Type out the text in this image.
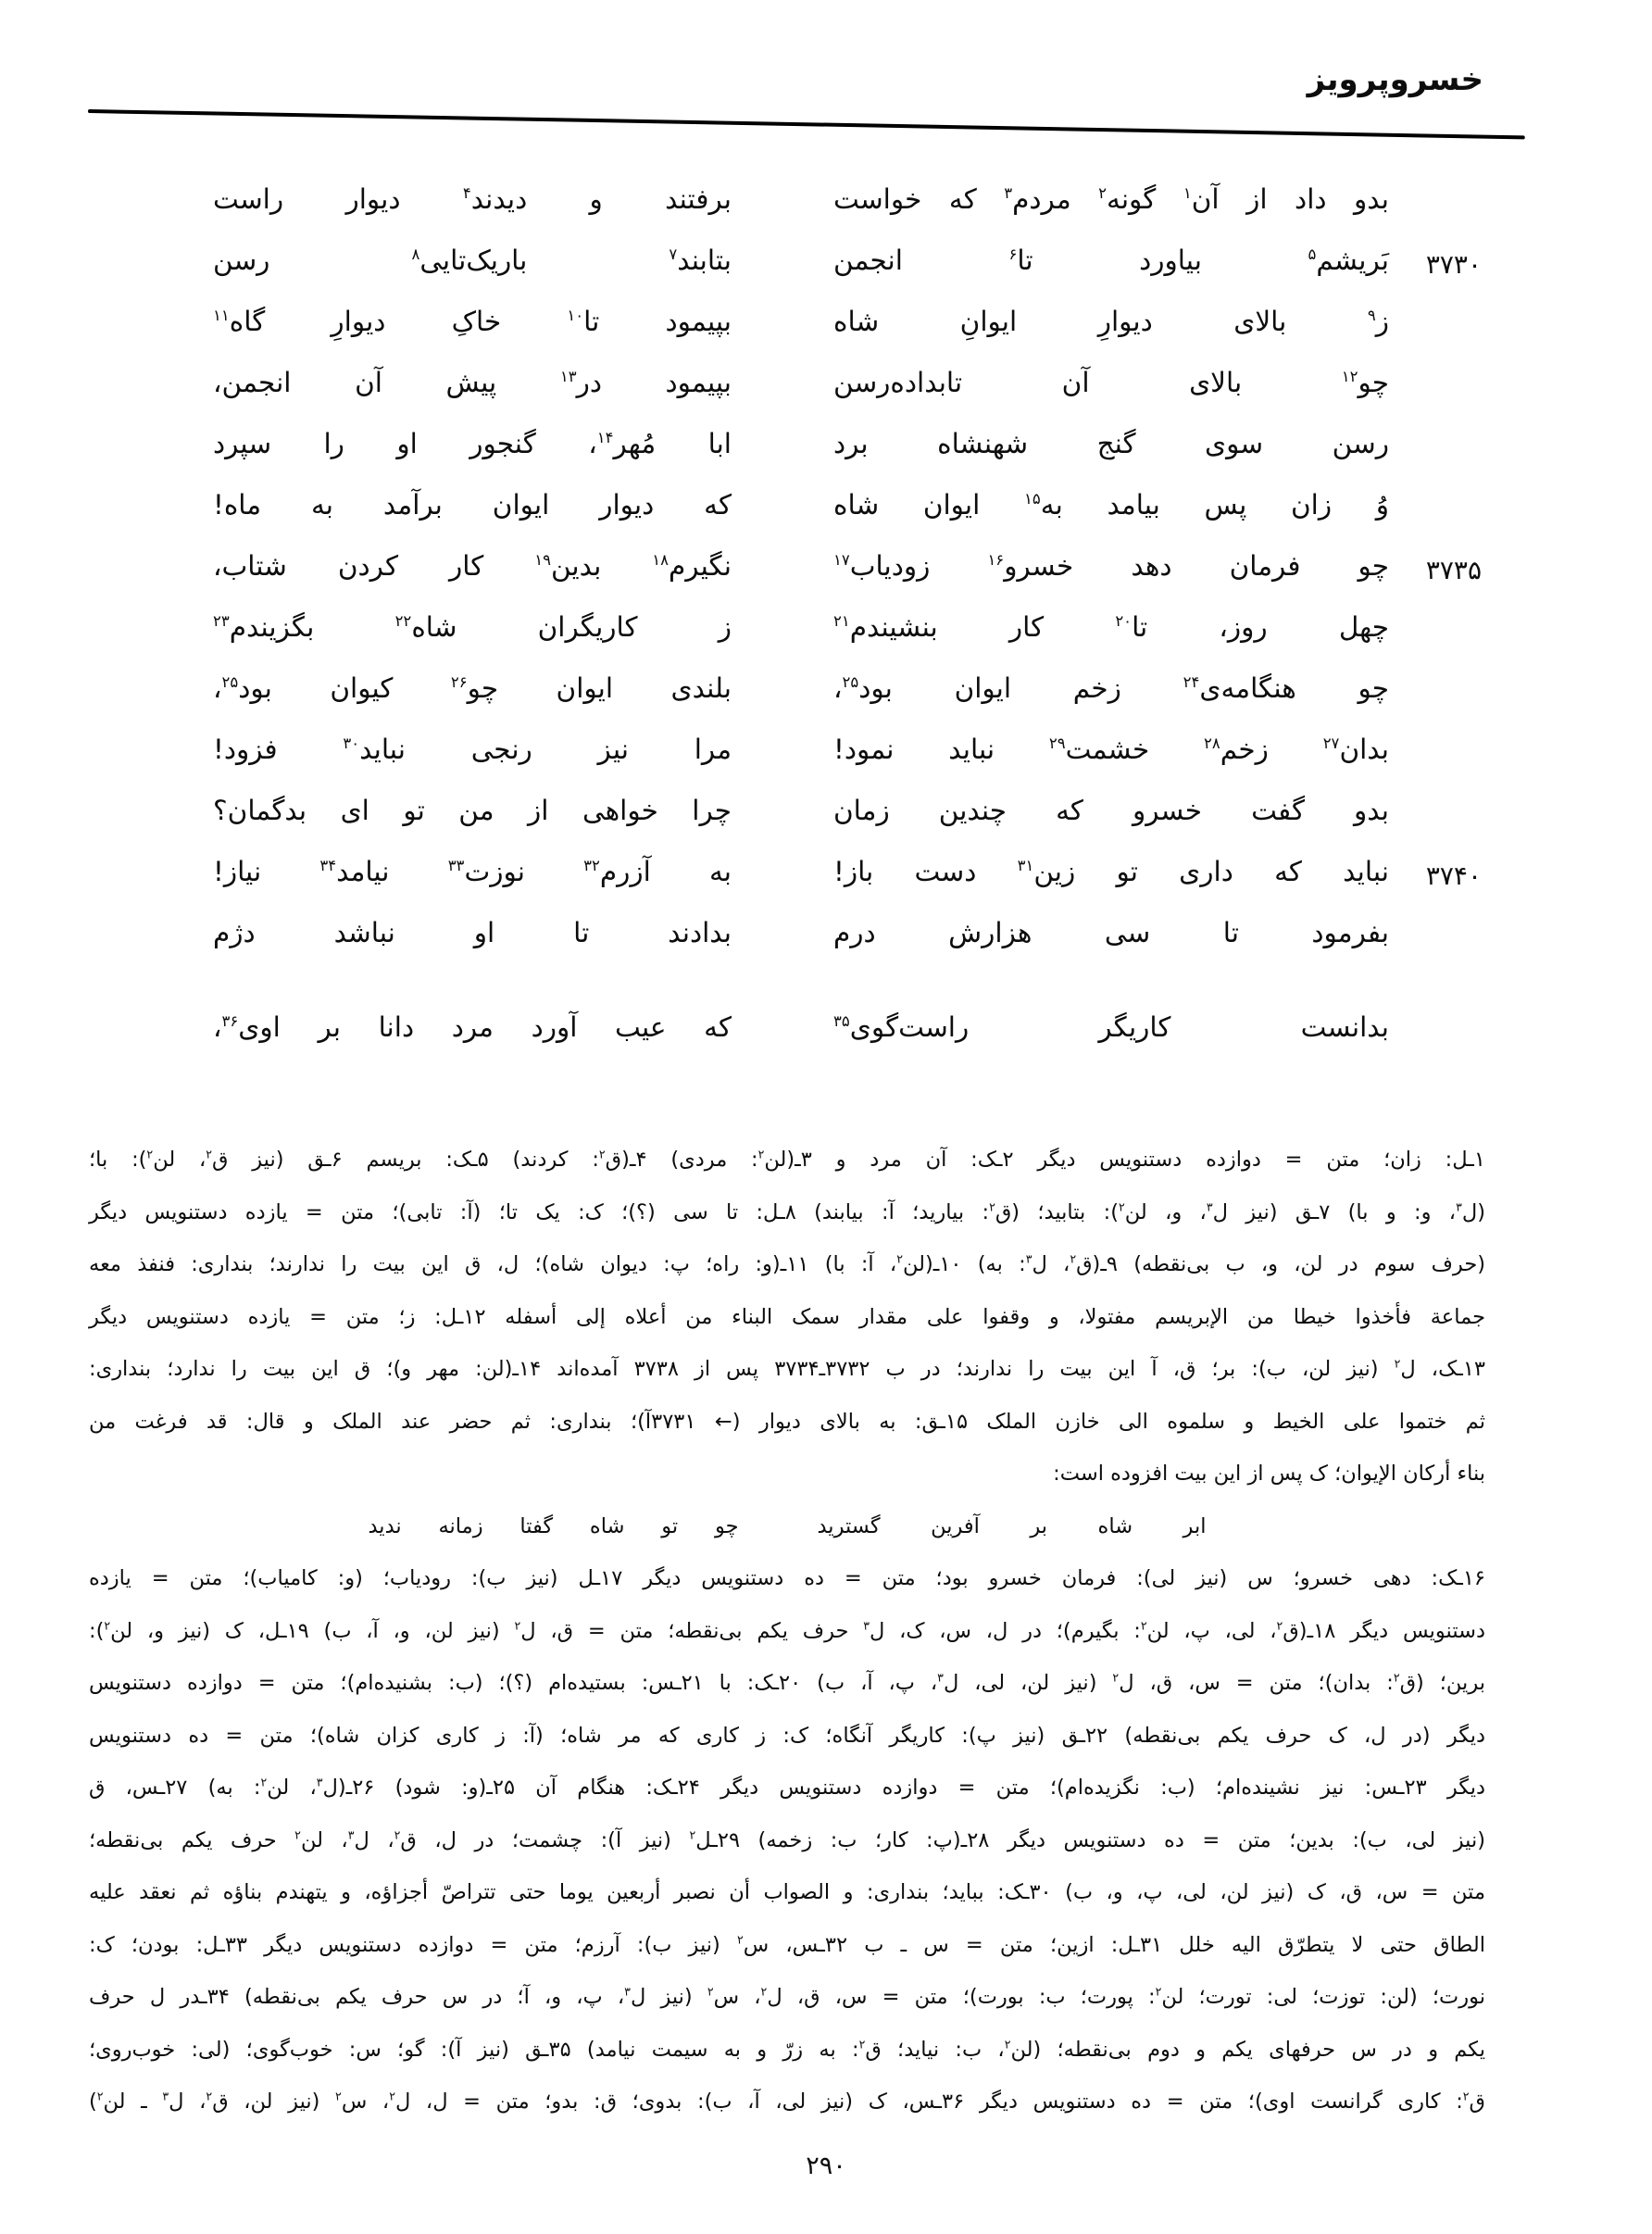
خسروپرویز
بدو داد از آن$^۱$ گونه$^۲$ مردم$^۳$ که خواست
برفتند و دیدند$^۴$ دیوار راست
۳۷۳۰
بَریشم$^۵$ بیاورد تا$^۶$ انجمن
بتابند$^۷$ باریک‌تایی$^۸$ رسن
ز$^۹$ بالای دیوارِ ایوانِ شاه
بپیمود تا$^{۱۰}$ خاکِ دیوارِ گاه$^{۱۱}$
چو$^{۱۲}$ بالای آن تابداده‌رسن
بپیمود در$^{۱۳}$ پیش آن انجمن،
رسن سوی گنج شهنشاه برد
ابا مُهر$^{۱۴}$، گنجور او را سپرد
وُ زان پس بیامد به$^{۱۵}$ ایوان شاه
که دیوار ایوان برآمد به ماه!
۳۷۳۵
چو فرمان دهد خسرو$^{۱۶}$ زودیاب$^{۱۷}$
نگیرم$^{۱۸}$ بدین$^{۱۹}$ کار کردن شتاب،
چهل روز، تا$^{۲۰}$ کار بنشیندم$^{۲۱}$
ز کاریگران شاه$^{۲۲}$ بگزیندم$^{۲۳}$
چو هنگامه‌ی$^{۲۴}$ زخم ایوان بود$^{۲۵}$،
بلندی ایوان چو$^{۲۶}$ کیوان بود$^{۲۵}$،
بدان$^{۲۷}$ زخم$^{۲۸}$ خشمت$^{۲۹}$ نباید نمود!
مرا نیز رنجی نباید$^{۳۰}$ فزود!
بدو گفت خسرو که چندین زمان
چرا خواهی از من تو ای بدگمان؟
۳۷۴۰
نباید که داری تو زین$^{۳۱}$ دست باز!
به آزرم$^{۳۲}$ نوزت$^{۳۳}$ نیامد$^{۳۴}$ نیاز!
بفرمود تا سی هزارش درم
بدادند تا او نباشد دژم
بدانست کاریگر راست‌گوی$^{۳۵}$
که عیب آورد مرد دانا بر اوی$^{۳۶}$،
۱ـل: زان؛ متن = دوازده دستنویس دیگر ۲ـک: آن مرد و ۳ـ(لن$^۲$: مردی) ۴ـ(ق$^۲$: کردند) ۵ـک: بریسم ۶ـق (نیز ق$^۲$، لن$^۲$): با؛
(ل$^۳$، و: و با) ۷ـق (نیز ل$^۳$، و، لن$^۲$): بتابید؛ (ق$^۲$: بیارید؛ آ: بیابند) ۸ـل: تا سی (؟)؛ ک: یک تا؛ (آ: تابی)؛ متن = یازده دستنویس دیگر
(حرف سوم در لن، و، ب بی‌نقطه) ۹ـ(ق$^۲$، ل$^۳$: به) ۱۰ـ(لن$^۲$، آ: با) ۱۱ـ(و: راه؛ پ: دیوان شاه)؛ ل، ق این بیت را ندارند؛ بنداری: فنفذ معه
جماعة فأخذوا خیطا من الإبریسم مفتولا، و وقفوا علی مقدار سمک البناء من أعلاه إلی أسفله ۱۲ـل: ز؛ متن = یازده دستنویس دیگر
۱۳ـک، ل$^۲$ (نیز لن، ب): بر؛ ق، آ این بیت را ندارند؛ در ب ۳۷۳۲ـ۳۷۳۴ پس از ۳۷۳۸ آمده‌اند ۱۴ـ(لن: مهر و)؛ ق این بیت را ندارد؛ بنداری:
ثم ختموا علی الخیط و سلموه الی خازن الملک ۱۵ـق: به بالای دیوار (← ۳۷۳۱آ)؛ بنداری: ثم حضر عند الملک و قال: قد فرغت من
بناء أرکان الإیوان؛ ک پس از این بیت افزوده است:
ابر شاه بر آفرین گسترید
چو تو شاه گفتا زمانه ندید
۱۶ـک: دهی خسرو؛ س (نیز لی): فرمان خسرو بود؛ متن = ده دستنویس دیگر ۱۷ـل (نیز ب): رودیاب؛ (و: کامیاب)؛ متن = یازده
دستنویس دیگر ۱۸ـ(ق$^۲$، لی، پ، لن$^۲$: بگیرم)؛ در ل، س، ک، ل$^۳$ حرف یکم بی‌نقطه؛ متن = ق، ل$^۲$ (نیز لن، و، آ، ب) ۱۹ـل، ک (نیز و، لن$^۲$):
برین؛ (ق$^۲$: بدان)؛ متن = س، ق، ل$^۲$ (نیز لن، لی، ل$^۳$، پ، آ، ب) ۲۰ـک: با ۲۱ـس: بستیده‌ام (؟)؛ (ب: بشنیده‌ام)؛ متن = دوازده دستنویس
دیگر (در ل، ک حرف یکم بی‌نقطه) ۲۲ـق (نیز پ): کاریگر آنگاه؛ ک: ز کاری که مر شاه؛ (آ: ز کاری کزان شاه)؛ متن = ده دستنویس
دیگر ۲۳ـس: نیز نشینده‌ام؛ (ب: نگزیده‌ام)؛ متن = دوازده دستنویس دیگر ۲۴ـک: هنگام آن ۲۵ـ(و: شود) ۲۶ـ(ل$^۳$، لن$^۲$: به) ۲۷ـس، ق
(نیز لی، ب): بدین؛ متن = ده دستنویس دیگر ۲۸ـ(پ: کار؛ ب: زخمه) ۲۹ـل$^۲$ (نیز آ): چشمت؛ در ل، ق$^۲$، ل$^۳$، لن$^۲$ حرف یکم بی‌نقطه؛
متن = س، ق، ک (نیز لن، لی، پ، و، ب) ۳۰ـک: بباید؛ بنداری: و الصواب أن نصبر أربعین یوما حتی تتراصّ أجزاؤه، و یتهندم بناؤه ثم نعقد علیه
الطاق حتی لا یتطرّق الیه خلل ۳۱ـل: ازین؛ متن = س ـ ب ۳۲ـس، س$^۲$ (نیز ب): آرزم؛ متن = دوازده دستنویس دیگر ۳۳ـل: بودن؛ ک:
نورت؛ (لن: توزت؛ لی: تورت؛ لن$^۲$: پورت؛ ب: بورت)؛ متن = س، ق، ل$^۲$، س$^۲$ (نیز ل$^۳$، پ، و، آ؛ در س حرف یکم بی‌نقطه) ۳۴ـدر ل حرف
یکم و در س حرفهای یکم و دوم بی‌نقطه؛ (لن$^۲$، ب: نیاید؛ ق$^۲$: به زرّ و به سیمت نیامد) ۳۵ـق (نیز آ): گو؛ س: خوب‌گوی؛ (لی: خوب‌روی؛
ق$^۲$: کاری گرانست اوی)؛ متن = ده دستنویس دیگر ۳۶ـس، ک (نیز لی، آ، ب): بدوی؛ ق: بدو؛ متن = ل، ل$^۲$، س$^۲$ (نیز لن، ق$^۲$، ل$^۳$ ـ لن$^۲$)
۲۹۰
